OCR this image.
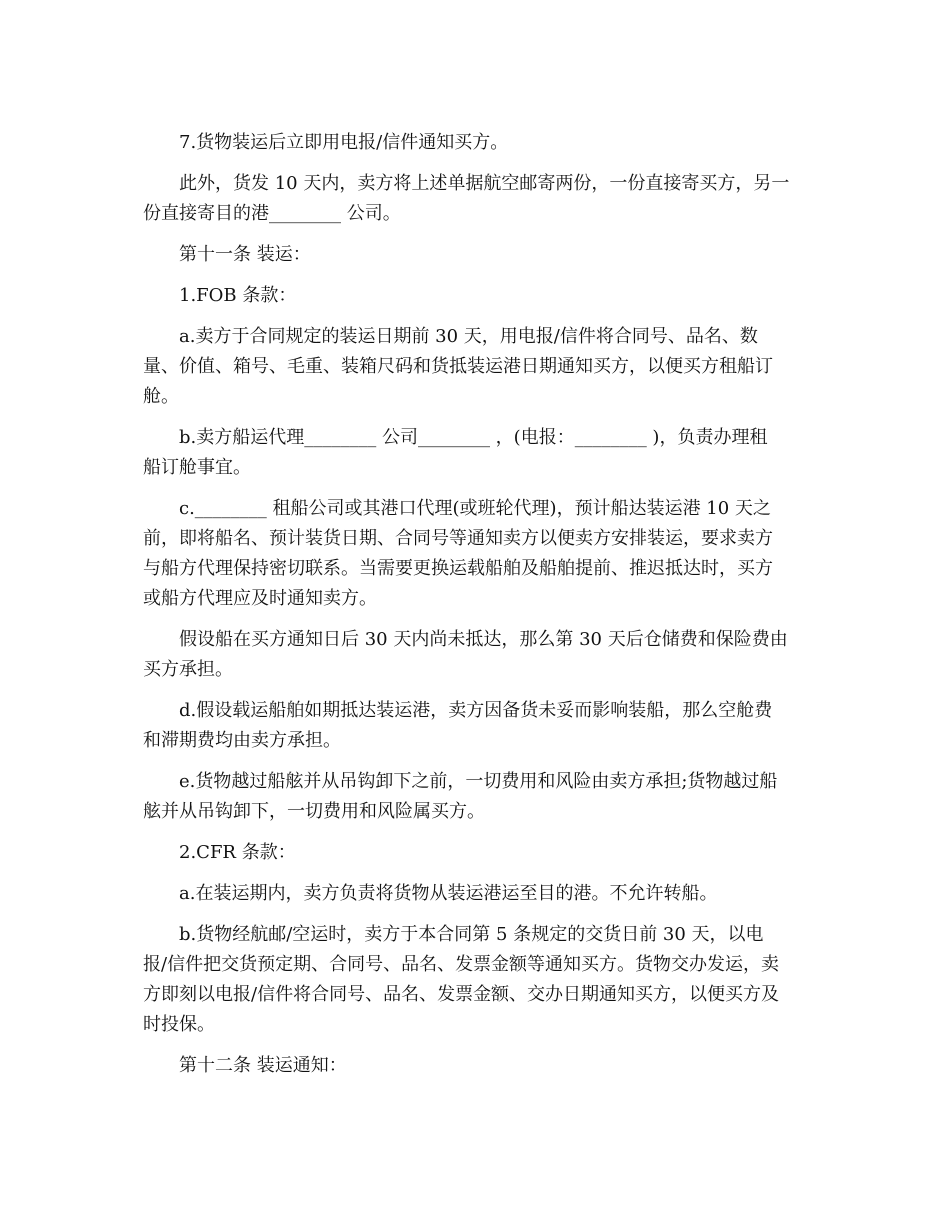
7.货物装运后立即用电报/信件通知买方。

此外，货发 10 天内，卖方将上述单据航空邮寄两份，一份直接寄买方，另一
份直接寄目的港________ 公司。

第十一条 装运：

1.FOB 条款：

a.卖方于合同规定的装运日期前 30 天，用电报/信件将合同号、品名、数
量、价值、箱号、毛重、装箱尺码和货抵装运港日期通知买方，以便买方租船订
舱。

b.卖方船运代理________ 公司________ ，(电报：________ )，负责办理租
船订舱事宜。

c.________ 租船公司或其港口代理(或班轮代理)，预计船达装运港 10 天之
前，即将船名、预计装货日期、合同号等通知卖方以便卖方安排装运，要求卖方
与船方代理保持密切联系。当需要更换运载船舶及船舶提前、推迟抵达时，买方
或船方代理应及时通知卖方。

假设船在买方通知日后 30 天内尚未抵达，那么第 30 天后仓储费和保险费由
买方承担。

d.假设载运船舶如期抵达装运港，卖方因备货未妥而影响装船，那么空舱费
和滞期费均由卖方承担。

e.货物越过船舷并从吊钩卸下之前，一切费用和风险由卖方承担;货物越过船
舷并从吊钩卸下，一切费用和风险属买方。

2.CFR 条款：

a.在装运期内，卖方负责将货物从装运港运至目的港。不允许转船。

b.货物经航邮/空运时，卖方于本合同第 5 条规定的交货日前 30 天，以电
报/信件把交货预定期、合同号、品名、发票金额等通知买方。货物交办发运，卖
方即刻以电报/信件将合同号、品名、发票金额、交办日期通知买方，以便买方及
时投保。

第十二条 装运通知：
